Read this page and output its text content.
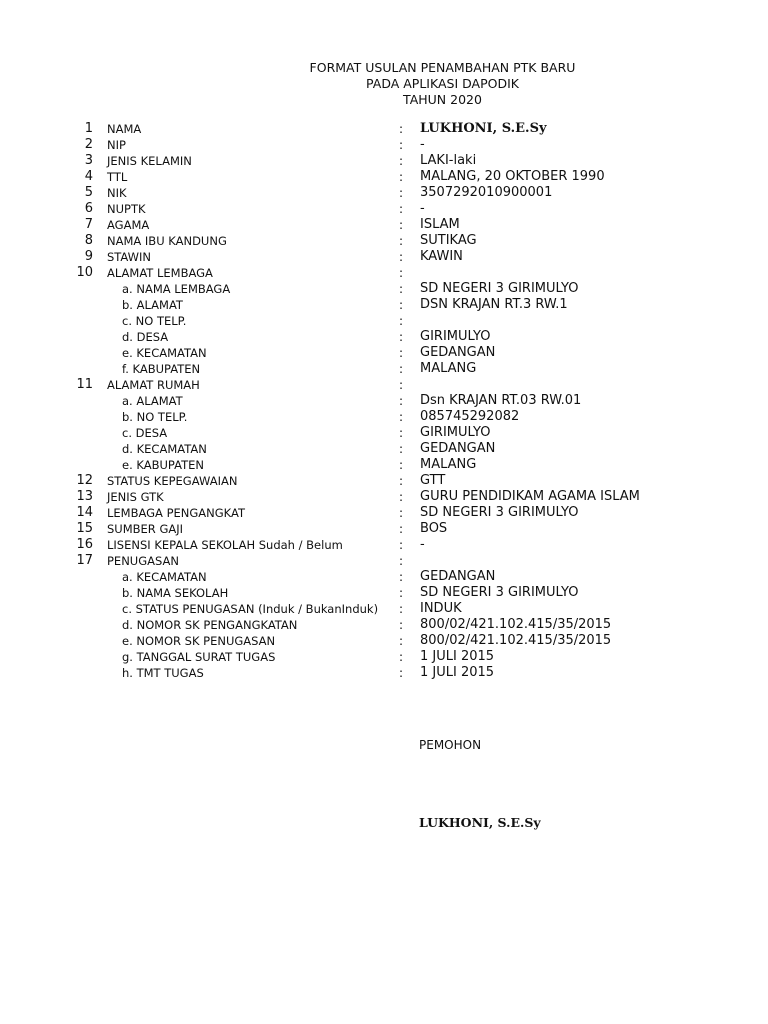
FORMAT USULAN PENAMBAHAN PTK BARU
PADA APLIKASI DAPODIK
TAHUN 2020
1 NAMA	: LUKHONI, S.E.Sy
2 NIP	: -
3 JENIS KELAMIN	: LAKI-laki
4 TTL	: MALANG, 20 OKTOBER 1990
5 NIK	: 3507292010900001
6 NUPTK	: -
7 AGAMA	: ISLAM
8 NAMA IBU KANDUNG	: SUTIKAG
9 STAWIN	: KAWIN
10 ALAMAT LEMBAGA	:
a. NAMA LEMBAGA	: SD NEGERI 3 GIRIMULYO
b. ALAMAT	: DSN KRAJAN RT.3 RW.1
c. NO TELP.	:
d. DESA	: GIRIMULYO
e. KECAMATAN	: GEDANGAN
f. KABUPATEN	: MALANG
11 ALAMAT RUMAH	:
a. ALAMAT	: Dsn KRAJAN RT.03 RW.01
b. NO TELP.	: 085745292082
c. DESA	: GIRIMULYO
d. KECAMATAN	: GEDANGAN
e. KABUPATEN	: MALANG
12 STATUS KEPEGAWAIAN	: GTT
13 JENIS GTK	: GURU PENDIDIKAM AGAMA ISLAM
14 LEMBAGA PENGANGKAT	: SD NEGERI 3 GIRIMULYO
15 SUMBER GAJI	: BOS
16 LISENSI KEPALA SEKOLAH Sudah / Belum	: -
17 PENUGASAN	:
a. KECAMATAN	: GEDANGAN
b. NAMA SEKOLAH	: SD NEGERI 3 GIRIMULYO
c. STATUS PENUGASAN (Induk / BukanInduk) : INDUK
d. NOMOR SK PENGANGKATAN	: 800/02/421.102.415/35/2015
e. NOMOR SK PENUGASAN	: 800/02/421.102.415/35/2015
g. TANGGAL SURAT TUGAS	: 1 JULI 2015
h. TMT TUGAS	: 1 JULI 2015
PEMOHON
LUKHONI, S.E.Sy
